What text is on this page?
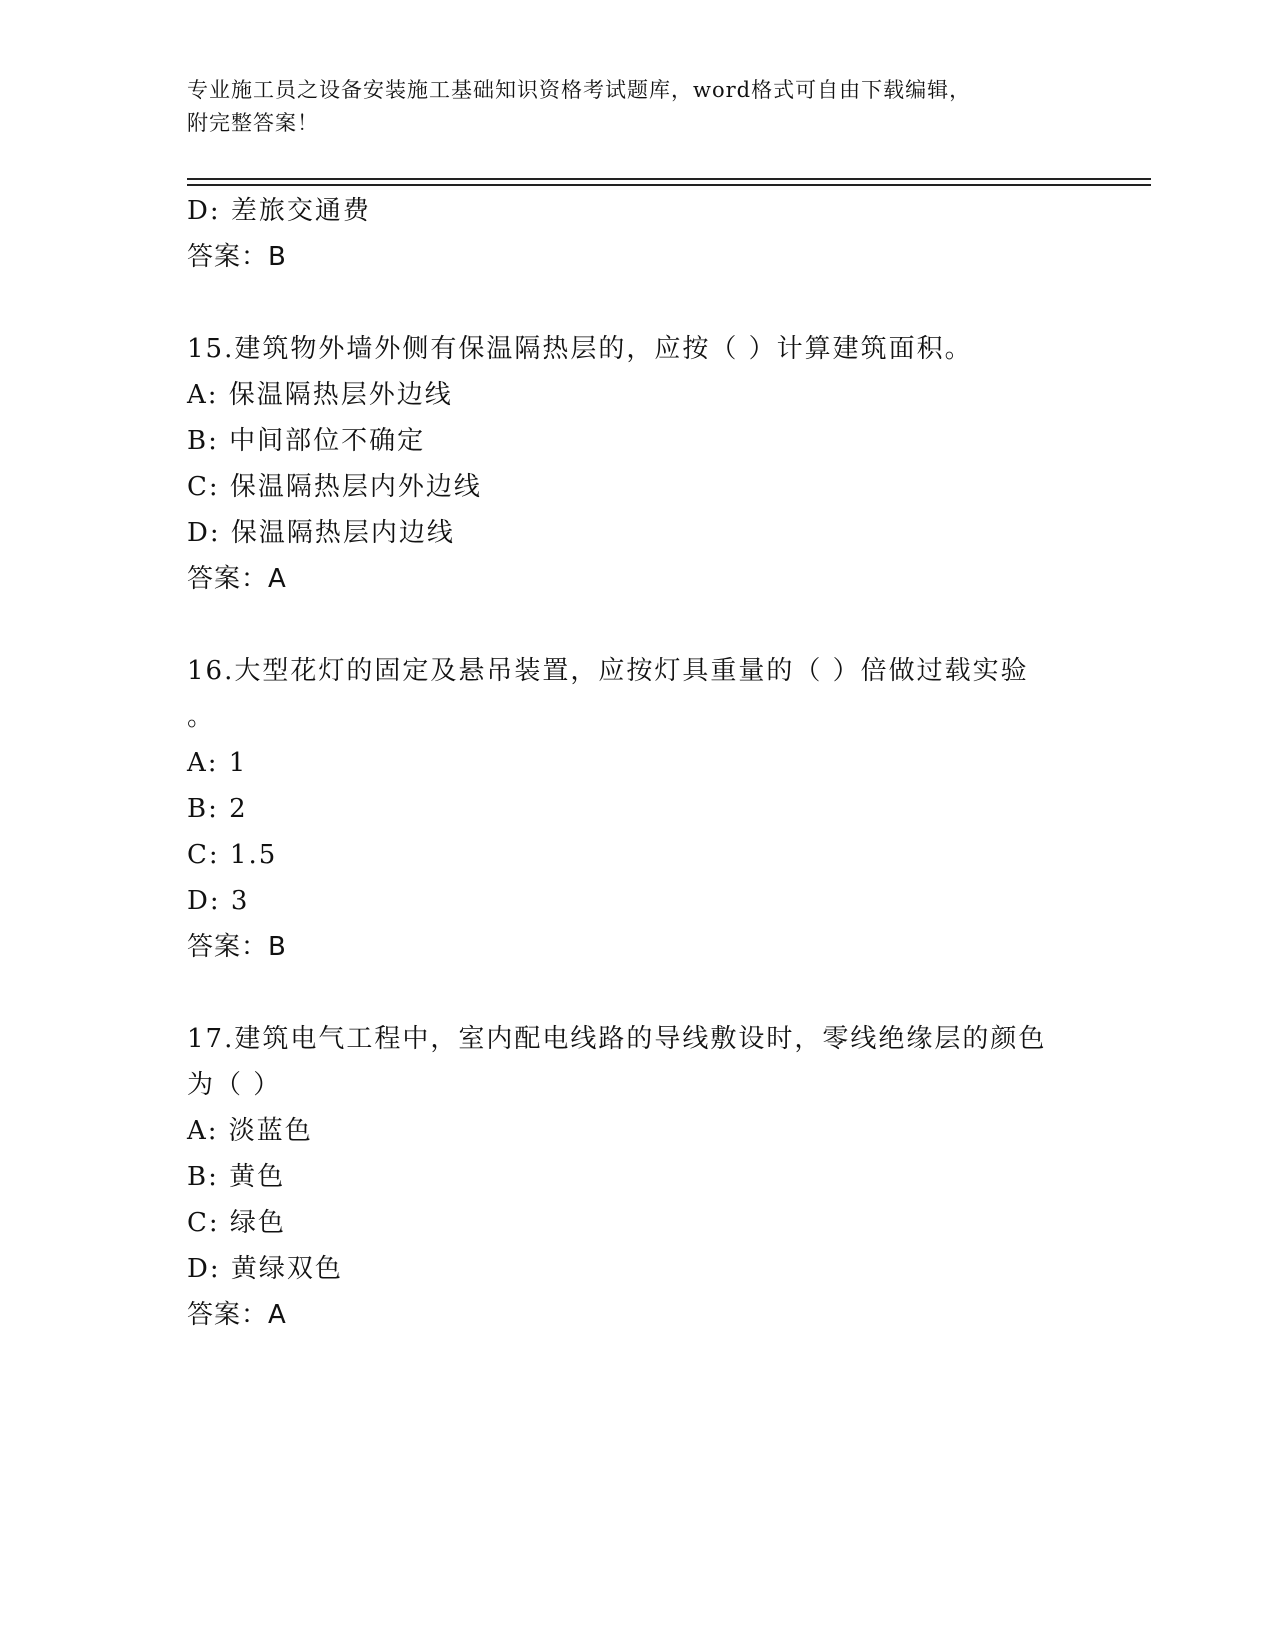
专业施工员之设备安装施工基础知识资格考试题库，word格式可自由下载编辑，
附完整答案！
D: 差旅交通费
答案：B
15.建筑物外墙外侧有保温隔热层的，应按（ ）计算建筑面积。
A: 保温隔热层外边线
B: 中间部位不确定
C: 保温隔热层内外边线
D: 保温隔热层内边线
答案：A
16.大型花灯的固定及悬吊装置，应按灯具重量的（ ）倍做过载实验
。
A: 1
B: 2
C: 1.5
D: 3
答案：B
17.建筑电气工程中，室内配电线路的导线敷设时，零线绝缘层的颜色
为（ ）
A: 淡蓝色
B: 黄色
C: 绿色
D: 黄绿双色
答案：A
